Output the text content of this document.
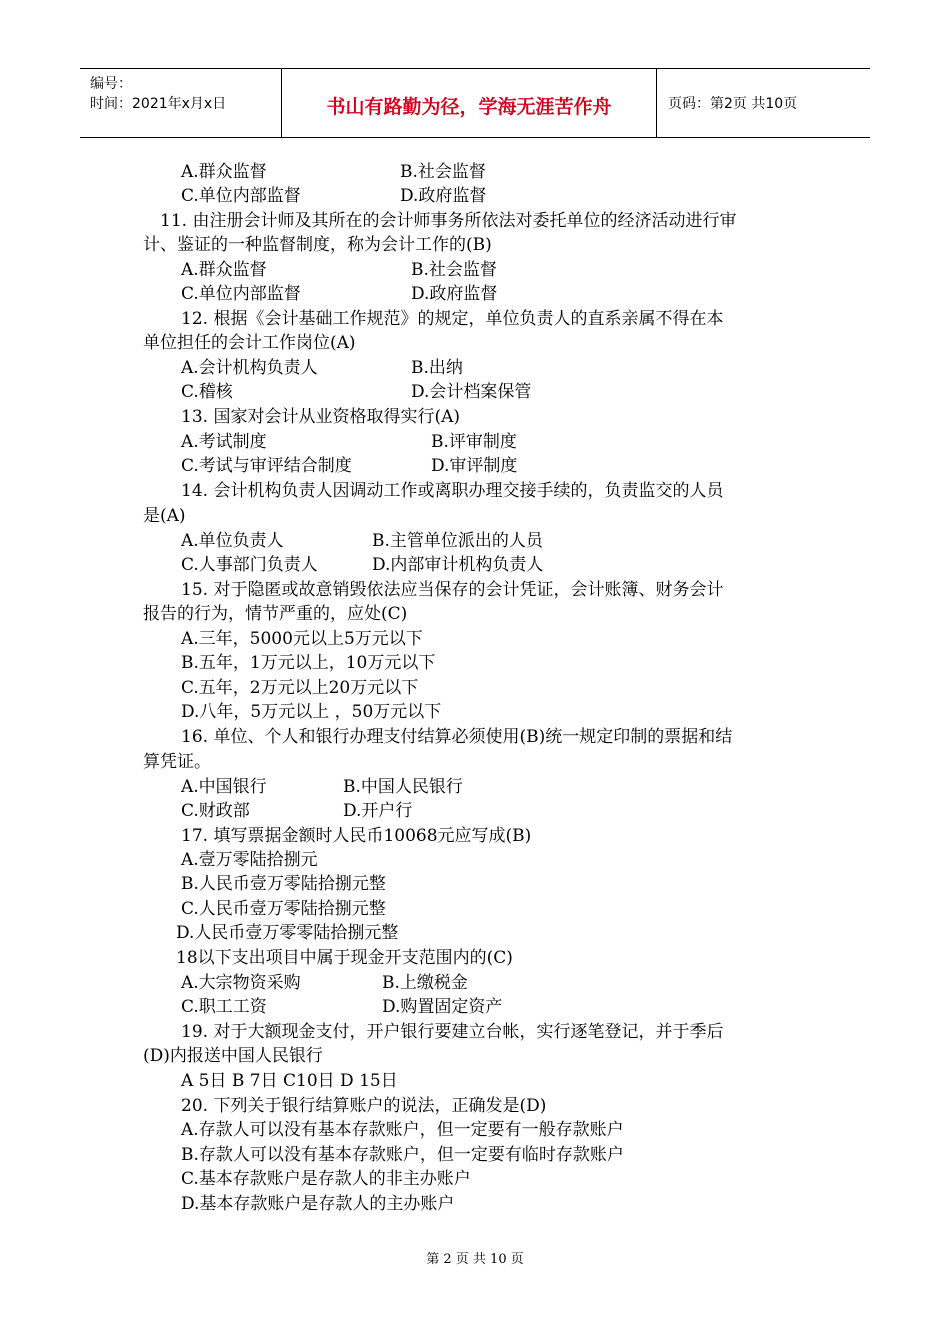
编号：
时间：2021年x月x日	书山有路勤为径，学海无涯苦作舟	页码：第2页 共10页
A.群众监督	B.社会监督
C.单位内部监督	D.政府监督
11. 由注册会计师及其所在的会计师事务所依法对委托单位的经济活动进行审
计、鉴证的一种监督制度，称为会计工作的(B)
A.群众监督	B.社会监督
C.单位内部监督	D.政府监督
12. 根据《会计基础工作规范》的规定，单位负责人的直系亲属不得在本
单位担任的会计工作岗位(A)
A.会计机构负责人	B.出纳
C.稽核	D.会计档案保管
13. 国家对会计从业资格取得实行(A)
A.考试制度	B.评审制度
C.考试与审评结合制度	D.审评制度
14. 会计机构负责人因调动工作或离职办理交接手续的，负责监交的人员
是(A)
A.单位负责人	B.主管单位派出的人员
C.人事部门负责人	D.内部审计机构负责人
15. 对于隐匿或故意销毁依法应当保存的会计凭证，会计账簿、财务会计
报告的行为，情节严重的，应处(C)
A.三年，5000元以上5万元以下
B.五年，1万元以上，10万元以下
C.五年，2万元以上20万元以下
D.八年，5万元以上 ，50万元以下
16. 单位、个人和银行办理支付结算必须使用(B)统一规定印制的票据和结
算凭证。
A.中国银行	B.中国人民银行
C.财政部	D.开户行
17. 填写票据金额时人民币10068元应写成(B)
A.壹万零陆拾捌元
B.人民币壹万零陆拾捌元整
C.人民币壹万零陆拾捌元整
D.人民币壹万零零陆拾捌元整
18以下支出项目中属于现金开支范围内的(C)
A.大宗物资采购	B.上缴税金
C.职工工资	D.购置固定资产
19. 对于大额现金支付，开户银行要建立台帐，实行逐笔登记，并于季后
(D)内报送中国人民银行
A 5日 B 7日 C10日 D 15日
20. 下列关于银行结算账户的说法，正确发是(D)
A.存款人可以没有基本存款账户，但一定要有一般存款账户
B.存款人可以没有基本存款账户，但一定要有临时存款账户
C.基本存款账户是存款人的非主办账户
D.基本存款账户是存款人的主办账户
第 2 页 共 10 页
